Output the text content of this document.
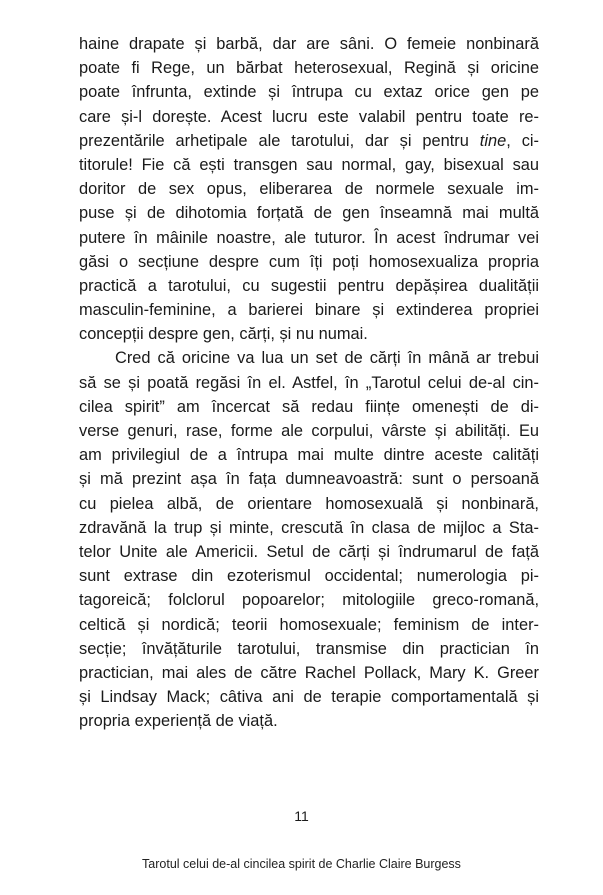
haine drapate și barbă, dar are sâni. O femeie nonbinară
poate fi Rege, un bărbat heterosexual, Regină și oricine
poate înfrunta, extinde și întrupa cu extaz orice gen pe
care și-l dorește. Acest lucru este valabil pentru toate re-
prezentările arhetipale ale tarotului, dar și pentru tine, ci-
titorule! Fie că ești transgen sau normal, gay, bisexual sau
doritor de sex opus, eliberarea de normele sexuale im-
puse și de dihotomia forțată de gen înseamnă mai multă
putere în mâinile noastre, ale tuturor. În acest îndrumar vei
găsi o secțiune despre cum îți poți homosexualiza propria
practică a tarotului, cu sugestii pentru depășirea dualității
masculin-feminine, a barierei binare și extinderea propriei
concepții despre gen, cărți, și nu numai.
Cred că oricine va lua un set de cărți în mână ar trebui
să se și poată regăsi în el. Astfel, în „Tarotul celui de-al cin-
cilea spirit” am încercat să redau ființe omenești de di-
verse genuri, rase, forme ale corpului, vârste și abilități. Eu
am privilegiul de a întrupa mai multe dintre aceste calități
și mă prezint așa în fața dumneavoastră: sunt o persoană
cu pielea albă, de orientare homosexuală și nonbinară,
zdravănă la trup și minte, crescută în clasa de mijloc a Sta-
telor Unite ale Americii. Setul de cărți și îndrumarul de față
sunt extrase din ezoterismul occidental; numerologia pi-
tagoreică; folclorul popoarelor; mitologiile greco-romană,
celtică și nordică; teorii homosexuale; feminism de inter-
secție; învățăturile tarotului, transmise din practician în
practician, mai ales de către Rachel Pollack, Mary K. Greer
și Lindsay Mack; câtiva ani de terapie comportamentală și
propria experiență de viață.
11
Tarotul celui de-al cincilea spirit de Charlie Claire Burgess
